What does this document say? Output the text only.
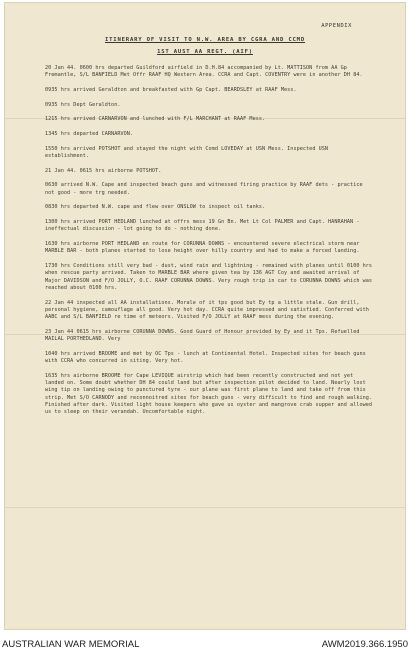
APPENDIX
ITINERARY OF VISIT TO N.W. AREA BY CGRA AND CCMD
1ST AUST AA REGT. (AIF)

20 Jan 44. 0600 hrs departed Guildford airfield in D.H.84 accompanied by Lt. MATTISON from AA Gp Fremantle, S/L BANFIELD Met Offr RAAF HQ Western Area. CCRA and Capt. COVENTRY were in another DH 84.

0935 hrs arrived Geraldton and breakfasted with Gp Capt. BEARDSLEY at RAAF Mess.

0935 hrs Dept Geraldton.

1215 hrs arrived CARNARVON and lunched with F/L MARCHANT at RAAF Mess.

1345 hrs departed CARNARVON.

1550 hrs arrived POTSHOT and stayed the night with Comd LOVEDAY at USN Mess. Inspected USN establishment.

21 Jan 44. 0615 hrs airborne POTSHOT.

0630 arrived N.W. Cape and inspected beach guns and witnessed firing practice by RAAF dets - practice not good - more trg needed.

0830 hrs departed N.W. cape and flew over ONSLOW to inspect oil tanks.

1300 hrs arrived PORT HEDLAND lunched at offrs mess 19 Gn Bn. Met Lt Col PALMER and Capt. HANRAHAN - ineffectual discussion - lot going to do - nothing done.

1630 hrs airborne PORT HEDLAND en route for CORUNNA DOWNS - encountered severe electrical storm near MARBLE BAR - both planes started to lose height over hilly country and had to make a forced landing.

1730 hrs Conditions still very bad - dust, wind rain and lightning - remained with planes until 0100 hrs when rescue party arrived. Taken to MARBLE BAR where given tea by 136 AGT Coy and awaited arrival of Major DAVIDSON and F/O JOLLY, O.C. RAAF CORUNNA DOWNS. Very rough trip in car to CORUNNA DOWNS which was reached about 0100 hrs.

22 Jan 44 inspected all AA installations. Morale of it tps good but Ey tp a little stale. Gun drill, personal hygiene, camouflage all good. Very hot day. CCRA quite impressed and satisfied. Conferred with AABC and S/L BANFIELD re time of meteors. Visited F/O JOLLY at RAAF mess during the evening.

23 Jan 44 0615 hrs airborne CORUNNA DOWNS. Good Guard of Honour provided by Ey and it Tps. Refuelled MAILAL PORTHEDLAND. Very

1040 hrs arrived BROOME and met by OC Tps - lunch at Continental Hotel. Inspected sites for beach guns with CCRA who concurred in siting. Very hot.

1635 hrs airborne BROOME for Cape LEVIQUE airstrip which had been recently constructed and not yet landed on. Some doubt whether DH 84 could land but after inspection pilot decided to land. Nearly lost wing tip on landing owing to punctured tyre - our plane was first plane to land and take off from this strip. Met S/O CARNODY and reconnoitred sites for beach guns - very difficult to find and rough walking. Finished after dark. Visited light house keepers who gave us oyster and mangrove crab supper and allowed us to sleep on their verandah. Uncomfortable night.

AUSTRALIAN WAR MEMORIAL	AWM2019.366.1950
